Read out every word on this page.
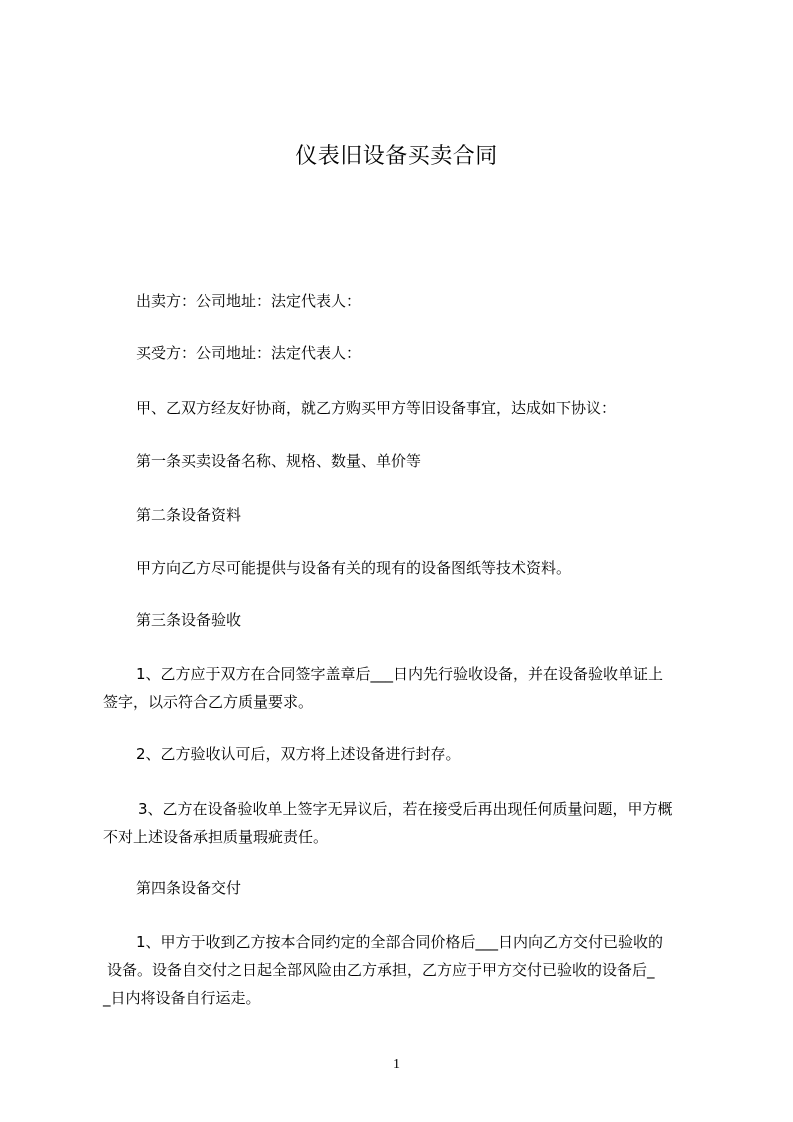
仪表旧设备买卖合同
出卖方：公司地址：法定代表人：
买受方：公司地址：法定代表人：
甲、乙双方经友好协商，就乙方购买甲方等旧设备事宜，达成如下协议：
第一条买卖设备名称、规格、数量、单价等
第二条设备资料
甲方向乙方尽可能提供与设备有关的现有的设备图纸等技术资料。
第三条设备验收
1、乙方应于双方在合同签字盖章后___日内先行验收设备，并在设备验收单证上
签字，以示符合乙方质量要求。
2、乙方验收认可后，双方将上述设备进行封存。
3、乙方在设备验收单上签字无异议后，若在接受后再出现任何质量问题，甲方概
不对上述设备承担质量瑕疵责任。
第四条设备交付
1、甲方于收到乙方按本合同约定的全部合同价格后___日内向乙方交付已验收的
设备。设备自交付之日起全部风险由乙方承担，乙方应于甲方交付已验收的设备后_
_日内将设备自行运走。
1
